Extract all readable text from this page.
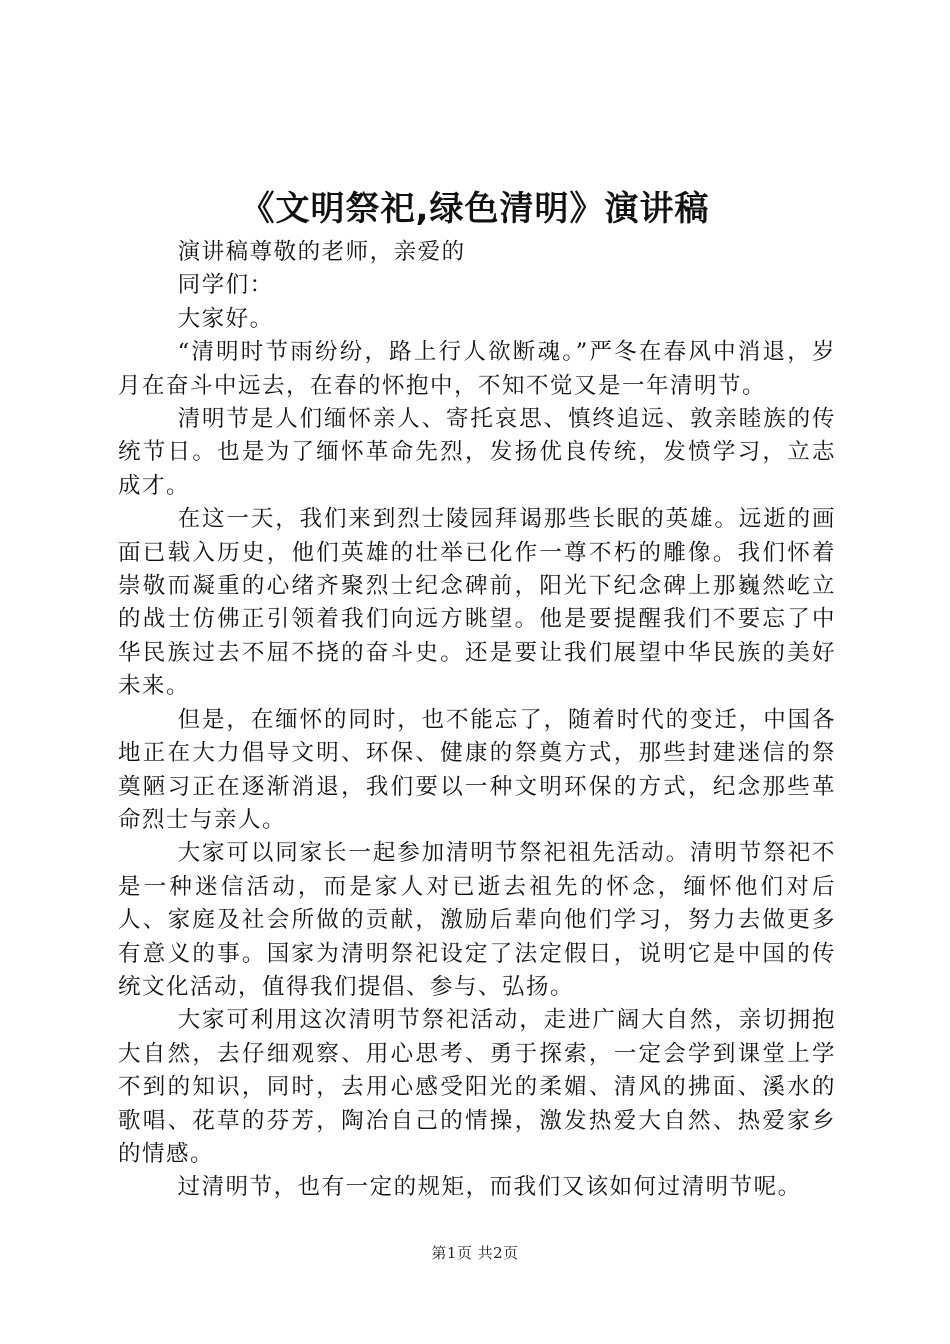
《文明祭祀,绿色清明》演讲稿

演讲稿尊敬的老师，亲爱的

同学们：

大家好。

“清明时节雨纷纷，路上行人欲断魂。”严冬在春风中消退，岁月在奋斗中远去，在春的怀抱中，不知不觉又是一年清明节。

清明节是人们缅怀亲人、寄托哀思、慎终追远、敦亲睦族的传统节日。也是为了缅怀革命先烈，发扬优良传统，发愤学习，立志成才。

在这一天，我们来到烈士陵园拜谒那些长眠的英雄。远逝的画面已载入历史，他们英雄的壮举已化作一尊不朽的雕像。我们怀着崇敬而凝重的心绪齐聚烈士纪念碑前，阳光下纪念碑上那巍然屹立的战士仿佛正引领着我们向远方眺望。他是要提醒我们不要忘了中华民族过去不屈不挠的奋斗史。还是要让我们展望中华民族的美好未来。

但是，在缅怀的同时，也不能忘了，随着时代的变迁，中国各地正在大力倡导文明、环保、健康的祭奠方式，那些封建迷信的祭奠陋习正在逐渐消退，我们要以一种文明环保的方式，纪念那些革命烈士与亲人。

大家可以同家长一起参加清明节祭祀祖先活动。清明节祭祀不是一种迷信活动，而是家人对已逝去祖先的怀念，缅怀他们对后人、家庭及社会所做的贡献，激励后辈向他们学习，努力去做更多有意义的事。国家为清明祭祀设定了法定假日，说明它是中国的传统文化活动，值得我们提倡、参与、弘扬。

大家可利用这次清明节祭祀活动，走进广阔大自然，亲切拥抱大自然，去仔细观察、用心思考、勇于探索，一定会学到课堂上学不到的知识，同时，去用心感受阳光的柔媚、清风的拂面、溪水的歌唱、花草的芬芳，陶冶自己的情操，激发热爱大自然、热爱家乡的情感。

过清明节，也有一定的规矩，而我们又该如何过清明节呢。

第1页 共2页
